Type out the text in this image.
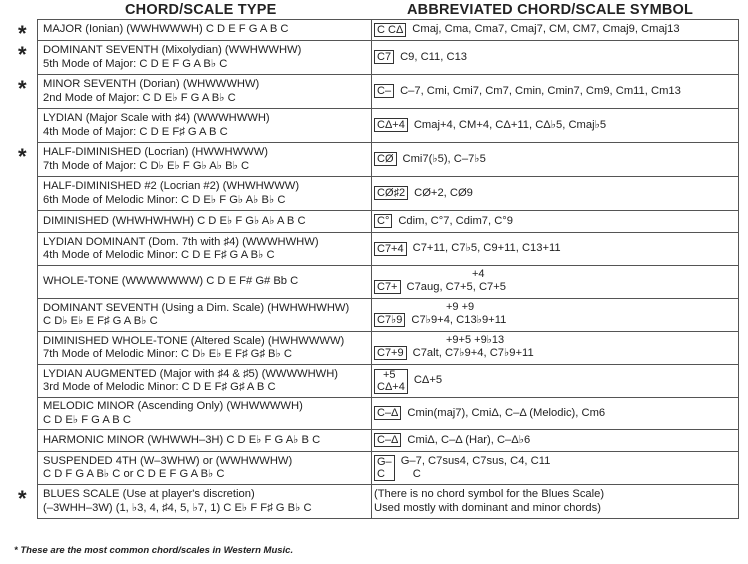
CHORD/SCALE TYPE	ABBREVIATED CHORD/SCALE SYMBOL
MAJOR (Ionian) (WWHWWWH) C D E F G A B C	C CΔ Cmaj, Cma, Cma7, Cmaj7, CM, CM7, Cmaj9, Cmaj13

DOMINANT SEVENTH (Mixolydian) (WWHWWHW)
5th Mode of Major: C D E F G A B♭ C	C7 C9, C11, C13

MINOR SEVENTH (Dorian) (WHWWWHW)
2nd Mode of Major: C D E♭ F G A B♭ C	C– C–7, Cmi, Cmi7, Cm7, Cmin, Cmin7, Cm9, Cm11, Cm13

LYDIAN (Major Scale with ♯4) (WWWHWWH)
4th Mode of Major: C D E F♯ G A B C	CΔ+4 Cmaj+4, CM+4, CΔ+11, CΔ♭5, Cmaj♭5

HALF-DIMINISHED (Locrian) (HWWHWWW)
7th Mode of Major: C D♭ E♭ F G♭ A♭ B♭ C	CØ Cmi7(♭5), C–7♭5

HALF-DIMINISHED #2 (Locrian #2) (WHWHWWW)
6th Mode of Melodic Minor: C D E♭ F G♭ A♭ B♭ C	CØ♯2 CØ+2, CØ9

DIMINISHED (WHWHWHWH) C D E♭ F G♭ A♭ A B C	C° Cdim, C°7, Cdim7, C°9

LYDIAN DOMINANT (Dom. 7th with ♯4) (WWWHWHW)
4th Mode of Melodic Minor: C D E F♯ G A B♭ C	C7+4 C7+11, C7♭5, C9+11, C13+11

WHOLE-TONE (WWWWWWW) C D E F# G# Bb C	+4
C7+ C7aug, C7+5, C7+5

DOMINANT SEVENTH (Using a Dim. Scale) (HWHWHWHW)
C D♭ E♭ E F♯ G A B♭ C	+9 +9
C7♭9 C7♭9+4, C13♭9+11

DIMINISHED WHOLE-TONE (Altered Scale) (HWHWWWW)
7th Mode of Melodic Minor: C D♭ E♭ E F♯ G♯ B♭ C	+9+5 +9♭13
C7+9 C7alt, C7♭9+4, C7♭9+11

LYDIAN AUGMENTED (Major with ♯4 & ♯5) (WWWWHWH)
3rd Mode of Melodic Minor: C D E F♯ G♯ A B C	+5
CΔ+4
CΔ+5

MELODIC MINOR (Ascending Only) (WHWWWWH)
C D E♭ F G A B C	C–Δ Cmin(maj7), CmiΔ, C–Δ (Melodic), Cm6

HARMONIC MINOR (WHWWH–3H) C D E♭ F G A♭ B C	C–Δ CmiΔ, C–Δ (Har), C–Δ♭6

SUSPENDED 4TH (W–3WHW) or (WWHWWHW)
C D F G A B♭ C or C D E F G A B♭ C	G–
C
G–7, C7sus4, C7sus, C4, C11
C

BLUES SCALE (Use at player's discretion)
(–3WHH–3W) (1, ♭3, 4, ♯4, 5, ♭7, 1) C E♭ F F♯ G B♭ C	(There is no chord symbol for the Blues Scale)
Used mostly with dominant and minor chords)
*
*
*
*
*
* These are the most common chord/scales in Western Music.
